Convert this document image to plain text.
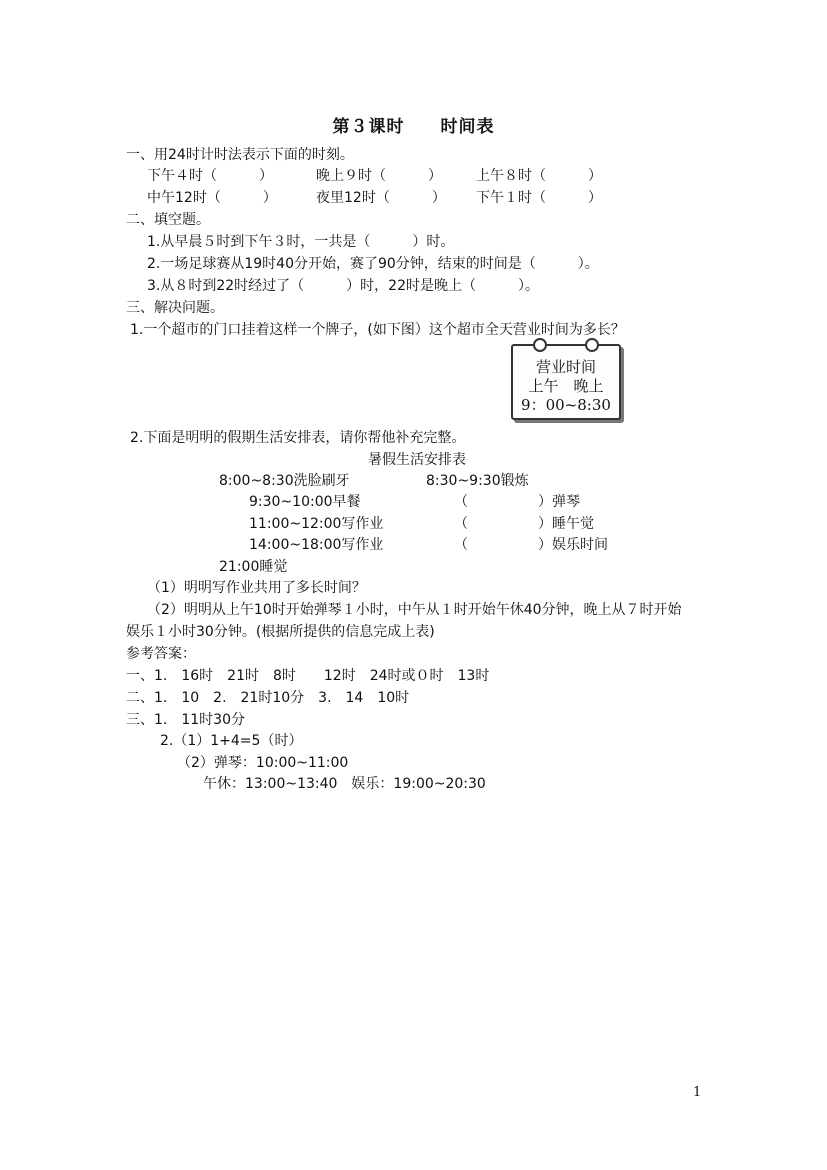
第３课时　　 时间表
一、用24时计时法表示下面的时刻。
下午４时（　　　）	晚上９时（　　　） 上午８时（　　　）
中午12时（　　　）	夜里12时（　　　） 下午１时（　　　）
二、填空题。
1.从早晨５时到下午３时，一共是（　　　）时。
2.一场足球赛从19时40分开始，赛了90分钟，结束的时间是（　　　）。
3.从８时到22时经过了（　　　）时，22时是晚上（　　　）。
三、解决问题。
1.一个超市的门口挂着这样一个牌子，(如下图）这个超市全天营业时间为多长？
营业时间
上午　晚上
9：00~8:30
2.下面是明明的假期生活安排表，请你帮他补充完整。
暑假生活安排表
8:00~8:30洗脸刷牙	8:30~9:30锻炼
9:30~10:00早餐	（　　　　　）弹琴
11:00~12:00写作业	（　　　　　）睡午觉
14:00~18:00写作业	（　　　　　）娱乐时间
21:00睡觉
（1）明明写作业共用了多长时间？
（2）明明从上午10时开始弹琴１小时，中午从１时开始午休40分钟，晚上从７时开始
娱乐１小时30分钟。(根据所提供的信息完成上表)
参考答案：
一、1.　16时　21时　8时　　12时　24时或０时　13时
二、1.　10　2.　21时10分　3.　14　10时
三、1.　11时30分
2.（1）1+4=5（时）
（2）弹琴：10:00~11:00
午休：13:00~13:40　娱乐：19:00~20:30
1
